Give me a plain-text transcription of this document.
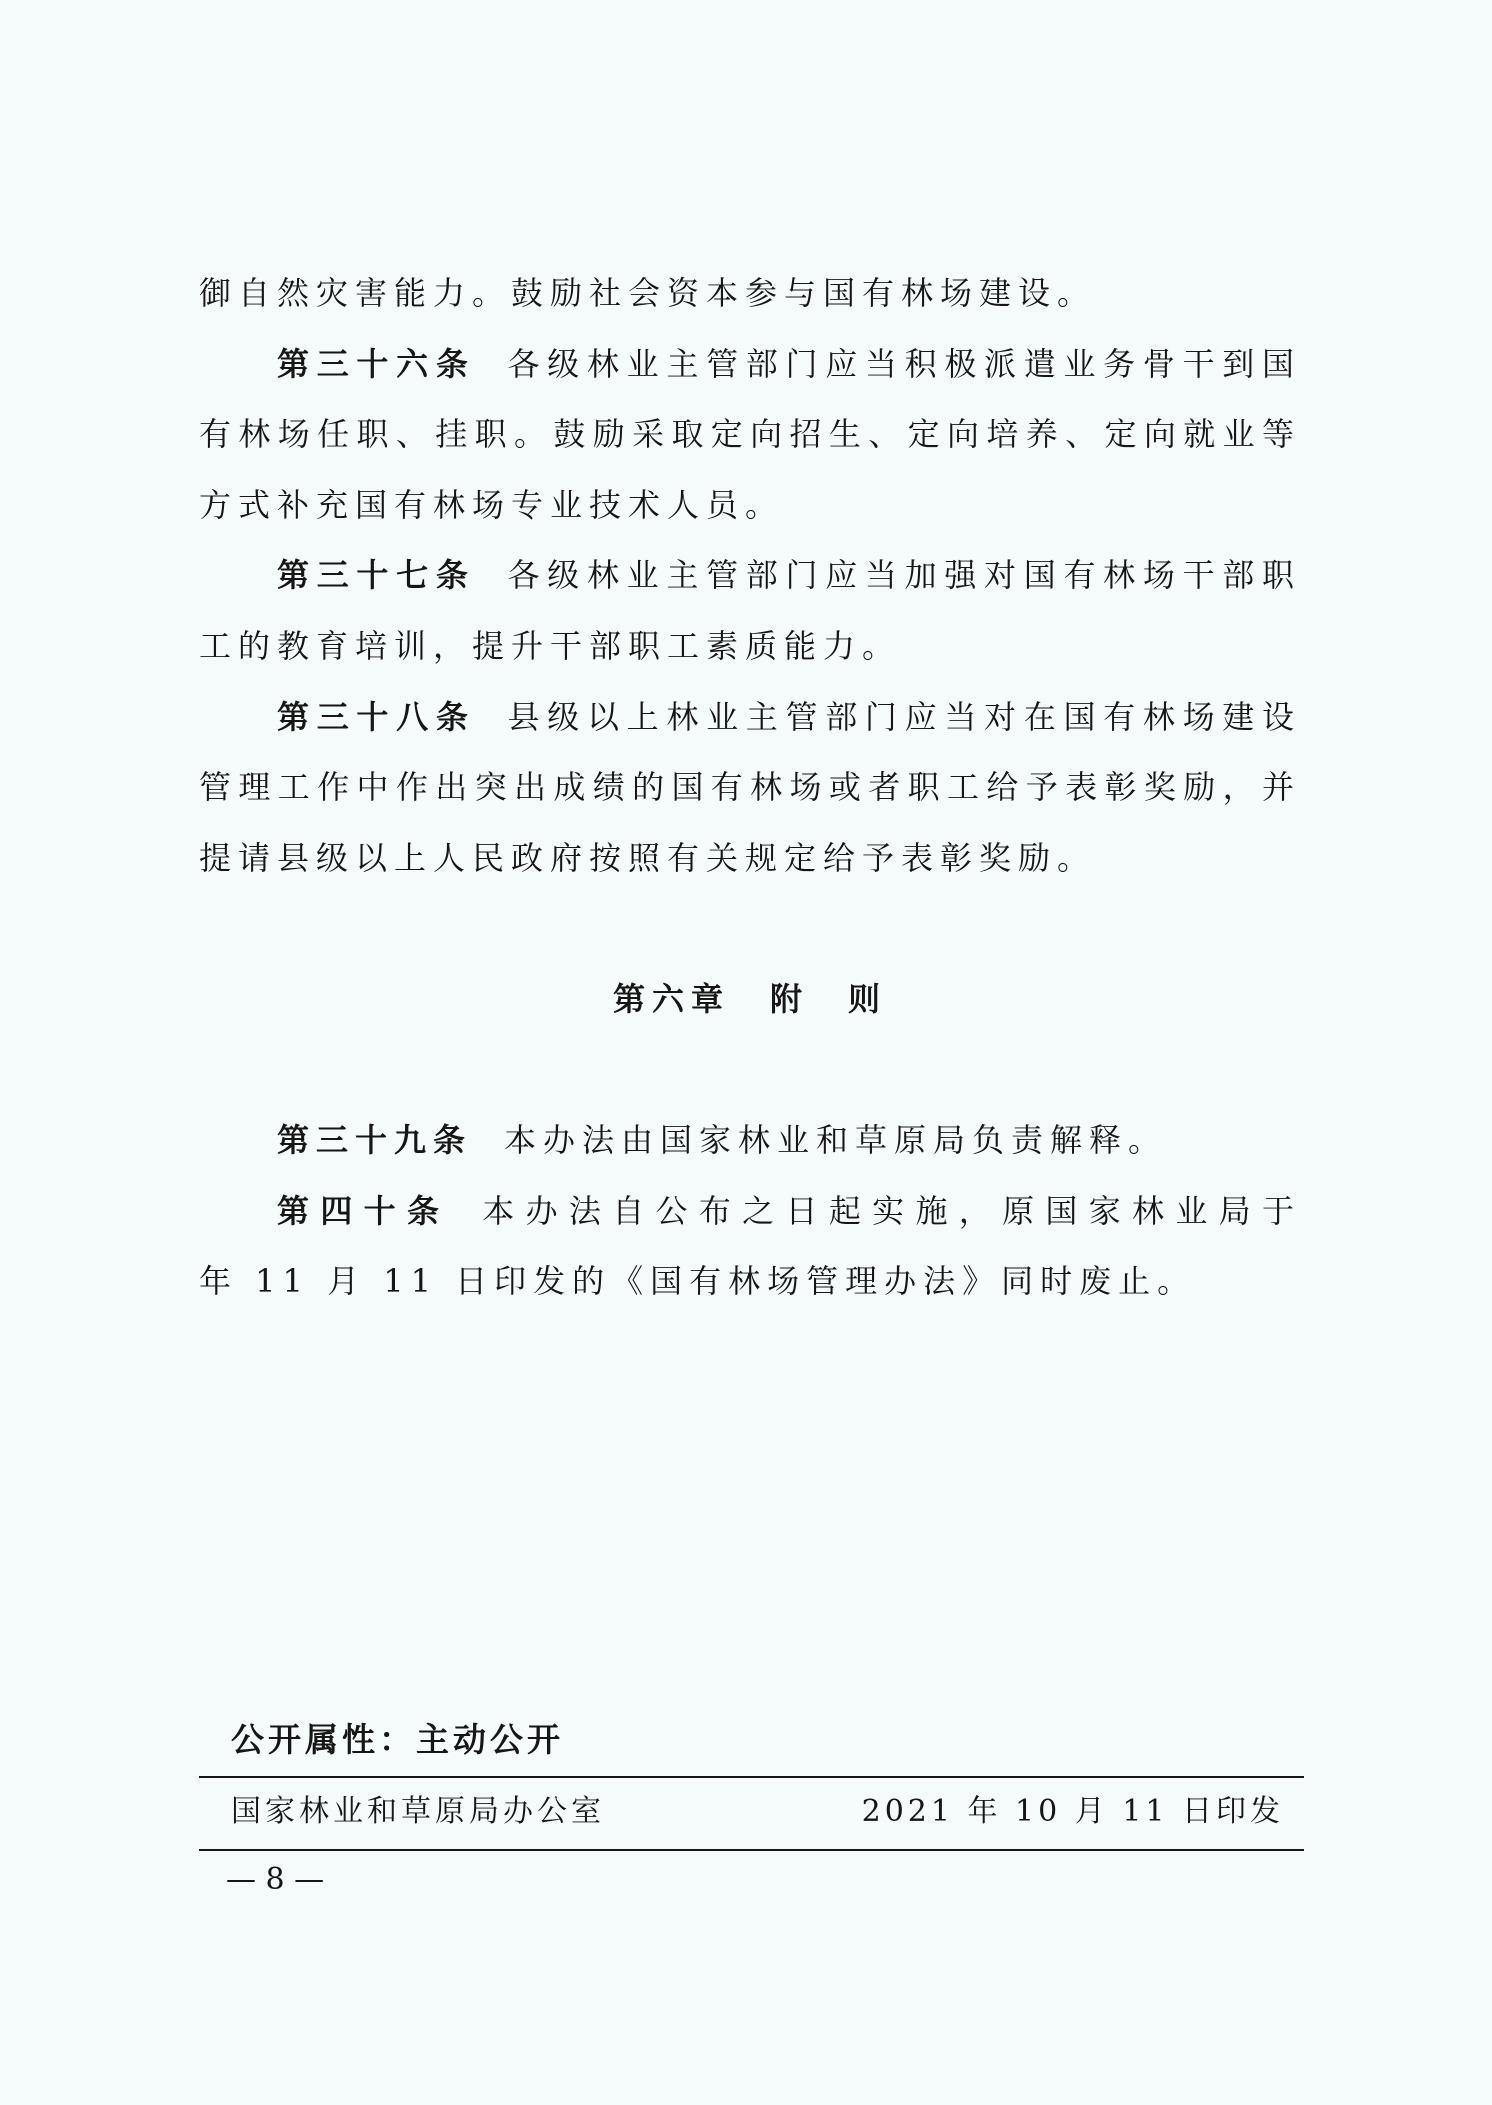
御自然灾害能力。鼓励社会资本参与国有林场建设。
第三十六条 各级林业主管部门应当积极派遣业务骨干到国
有林场任职、挂职。鼓励采取定向招生、定向培养、定向就业等
方式补充国有林场专业技术人员。
第三十七条 各级林业主管部门应当加强对国有林场干部职
工的教育培训，提升干部职工素质能力。
第三十八条 县级以上林业主管部门应当对在国有林场建设
管理工作中作出突出成绩的国有林场或者职工给予表彰奖励，并
提请县级以上人民政府按照有关规定给予表彰奖励。
第六章 附　则
第三十九条 本办法由国家林业和草原局负责解释。
第四十条 本办法自公布之日起实施，原国家林业局于
年 11 月 11 日印发的《国有林场管理办法》同时废止。
公开属性：主动公开
国家林业和草原局办公室	2021 年 10 月 11 日印发
— 8 —
